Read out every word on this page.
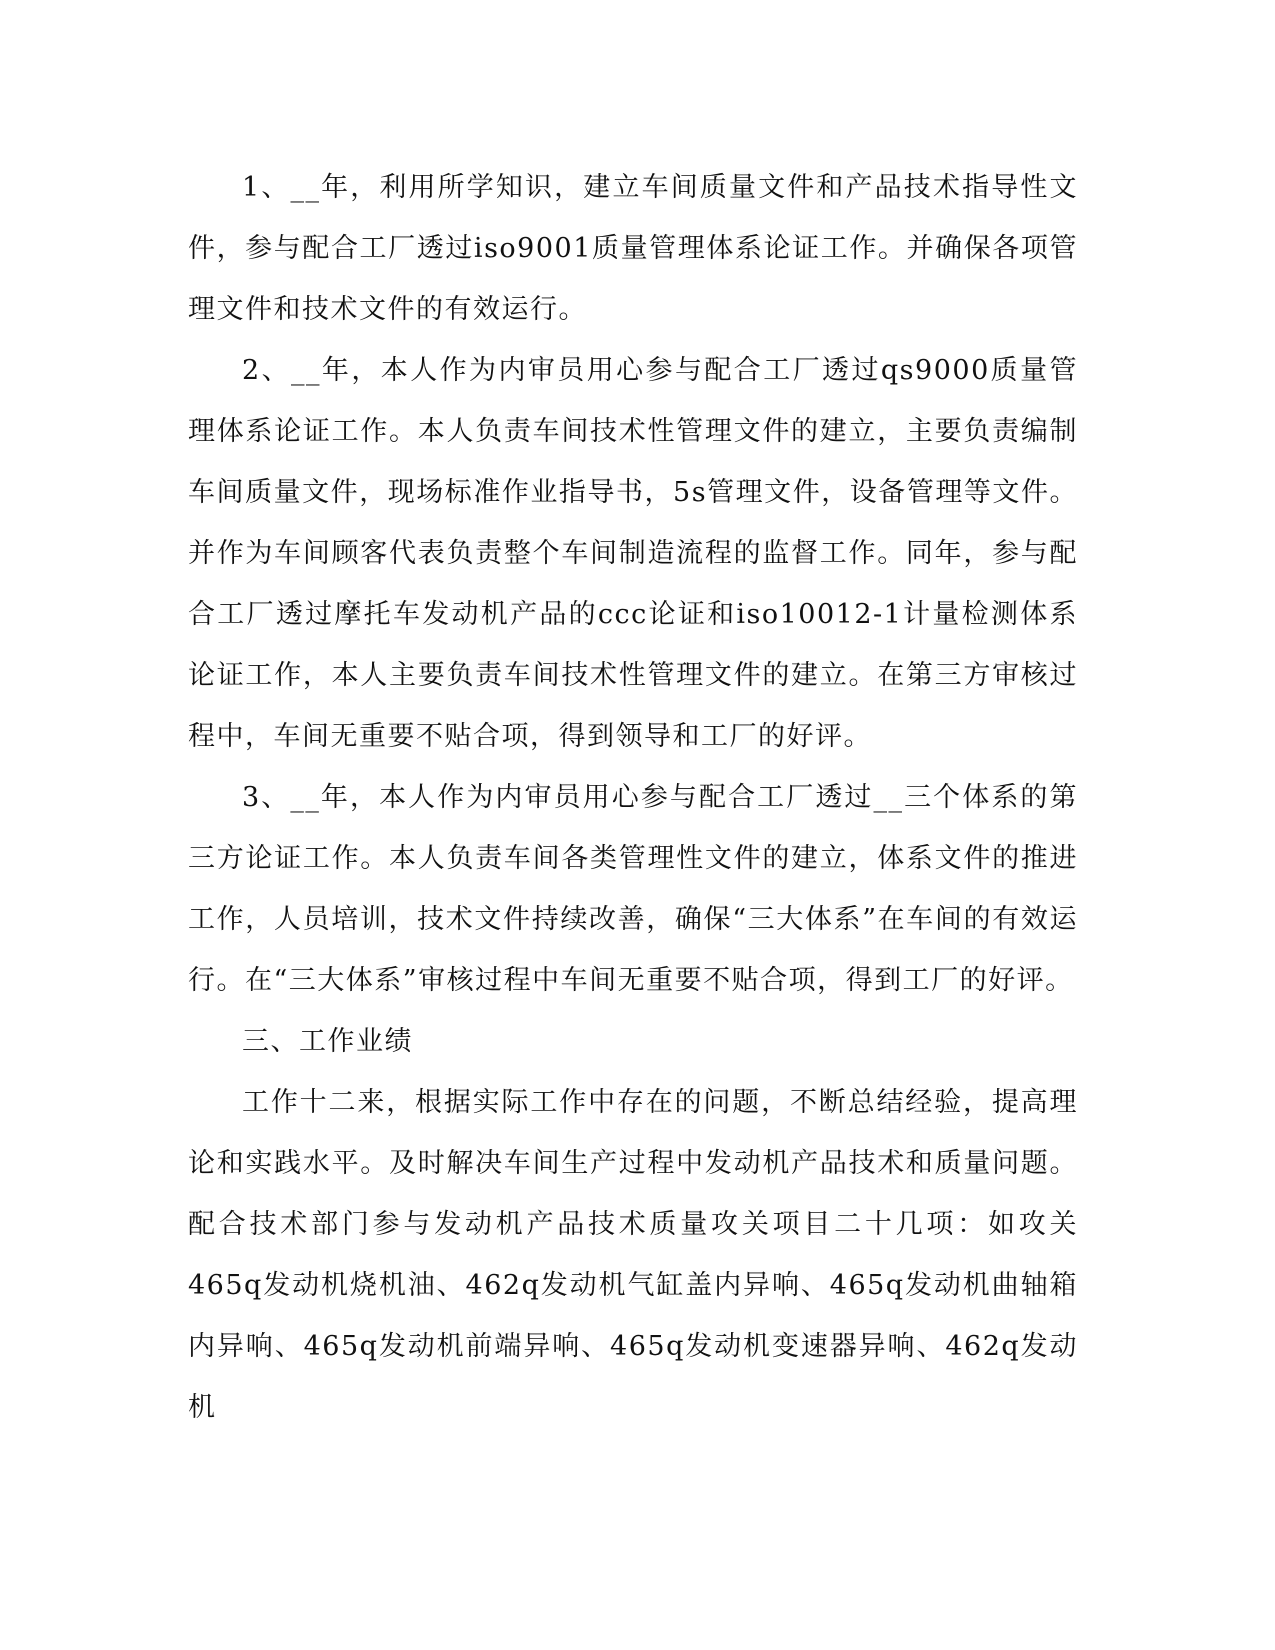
1、__年，利用所学知识，建立车间质量文件和产品技术指导性文件，参与配合工厂透过iso9001质量管理体系论证工作。并确保各项管理文件和技术文件的有效运行。

2、__年，本人作为内审员用心参与配合工厂透过qs9000质量管理体系论证工作。本人负责车间技术性管理文件的建立，主要负责编制车间质量文件，现场标准作业指导书，5s管理文件，设备管理等文件。并作为车间顾客代表负责整个车间制造流程的监督工作。同年，参与配合工厂透过摩托车发动机产品的ccc论证和iso10012-1计量检测体系论证工作，本人主要负责车间技术性管理文件的建立。在第三方审核过程中，车间无重要不贴合项，得到领导和工厂的好评。

3、__年，本人作为内审员用心参与配合工厂透过__三个体系的第三方论证工作。本人负责车间各类管理性文件的建立，体系文件的推进工作，人员培训，技术文件持续改善，确保“三大体系”在车间的有效运行。在“三大体系”审核过程中车间无重要不贴合项，得到工厂的好评。

三、工作业绩

工作十二来，根据实际工作中存在的问题，不断总结经验，提高理论和实践水平。及时解决车间生产过程中发动机产品技术和质量问题。配合技术部门参与发动机产品技术质量攻关项目二十几项：如攻关465q发动机烧机油、462q发动机气缸盖内异响、465q发动机曲轴箱内异响、465q发动机前端异响、465q发动机变速器异响、462q发动机
